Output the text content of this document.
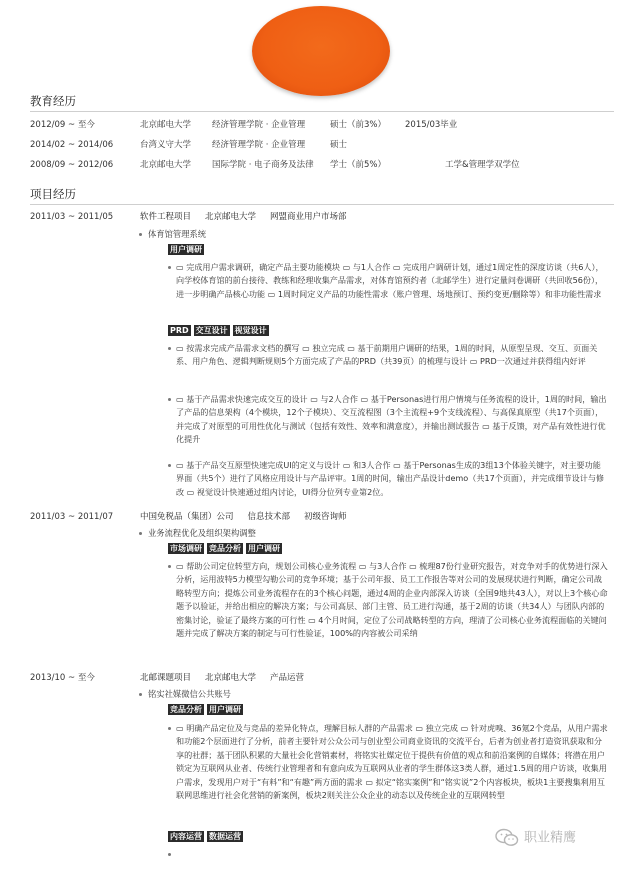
教育经历
2012/09 ~ 至今	北京邮电大学 经济管理学院 · 企业管理	硕士（前3%） 2015/03毕业
2014/02 ~ 2014/06	台湾义守大学 经济管理学院 · 企业管理	硕士
2008/09 ~ 2012/06	北京邮电大学 国际学院 · 电子商务及法律 学士（前5%）	工学&管理学双学位
项目经历
2011/03 ~ 2011/05	软件工程项目 北京邮电大学 网盟商业用户市场部
体育馆管理系统
用户调研
▭ 完成用户需求调研，确定产品主要功能模块 ▭ 与1人合作 ▭ 完成用户调研计划，通过1周定性的深度访谈（共6人），向学校体育馆的前台接待、教练和经理收集产品需求，对体育馆预约者（北邮学生）进行定量问卷调研（共回收56份），进一步明确产品核心功能 ▭ 1周时间定义产品的功能性需求（账户管理、场地预订、预约变更/删除等）和非功能性需求
PRD 交互设计 视觉设计
▭ 按需求完成产品需求文档的撰写 ▭ 独立完成 ▭ 基于前期用户调研的结果，1周的时间，从原型呈现、交互、页面关系、用户角色、逻辑判断规则5个方面完成了产品的PRD（共39页）的梳理与设计 ▭ PRD一次通过并获得组内好评
▭ 基于产品需求快速完成交互的设计 ▭ 与2人合作 ▭ 基于Personas进行用户情境与任务流程的设计，1周的时间，输出了产品的信息架构（4个模块，12个子模块）、交互流程图（3个主流程+9个支线流程）、与高保真原型（共17个页面），并完成了对原型的可用性优化与测试（包括有效性、效率和满意度），并输出测试报告 ▭ 基于反馈，对产品有效性进行优化提升
▭ 基于产品交互原型快速完成UI的定义与设计 ▭ 和3人合作 ▭ 基于Personas生成的3组13个体验关键字，对主要功能界面（共5个）进行了风格应用设计与产品评审。1周的时间，输出产品设计demo（共17个页面），并完成细节设计与修改 ▭ 视觉设计快速通过组内讨论，UI得分位列专业第2位。
2011/03 ~ 2011/07	中国免税品（集团）公司 信息技术部 初级咨询师
业务流程优化及组织架构调整
市场调研 竞品分析 用户调研
▭ 帮助公司定位转型方向，规划公司核心业务流程 ▭ 与3人合作 ▭ 梳理87份行业研究报告，对竞争对手的优势进行深入分析，运用波特5力模型勾勒公司的竞争环境；基于公司年报、员工工作报告等对公司的发展现状进行判断，确定公司战略转型方向；提炼公司业务流程存在的3个核心问题，通过4周的企业内部深入访谈（全国9地共43人），对以上3个核心命题予以验证，并给出相应的解决方案；与公司高层、部门主管、员工进行沟通，基于2周的访谈（共34人）与团队内部的密集讨论，验证了最终方案的可行性 ▭ 4个月时间，定位了公司战略转型的方向，理清了公司核心业务流程面临的关键问题并完成了解决方案的制定与可行性验证，100%的内容被公司采纳
2013/10 ~ 至今	北邮课题项目 北京邮电大学 产品运营
铭实社媒微信公共账号
竞品分析 用户调研
▭ 明确产品定位及与竞品的差异化特点，理解目标人群的产品需求 ▭ 独立完成 ▭ 针对虎嗅、36氪2个竞品，从用户需求和功能2个层面进行了分析，前者主要针对公众公司与创业型公司商业资讯的交流平台，后者为创业者打造资讯获取和分享的社群；基于团队积累的大量社会化营销素材，将铭实社媒定位于提供有价值的观点和前沿案例的自媒体；将潜在用户锁定为互联网从业者、传统行业管理者和有意向成为互联网从业者的学生群体这3类人群，通过1.5周的用户访谈，收集用户需求，发现用户对于“有料”和“有趣”两方面的需求 ▭ 拟定“铭实案例”和“铭实说”2个内容板块，板块1主要搜集利用互联网思维进行社会化营销的新案例，板块2则关注公众企业的动态以及传统企业的互联网转型
内容运营 数据运营	职业精鹰
